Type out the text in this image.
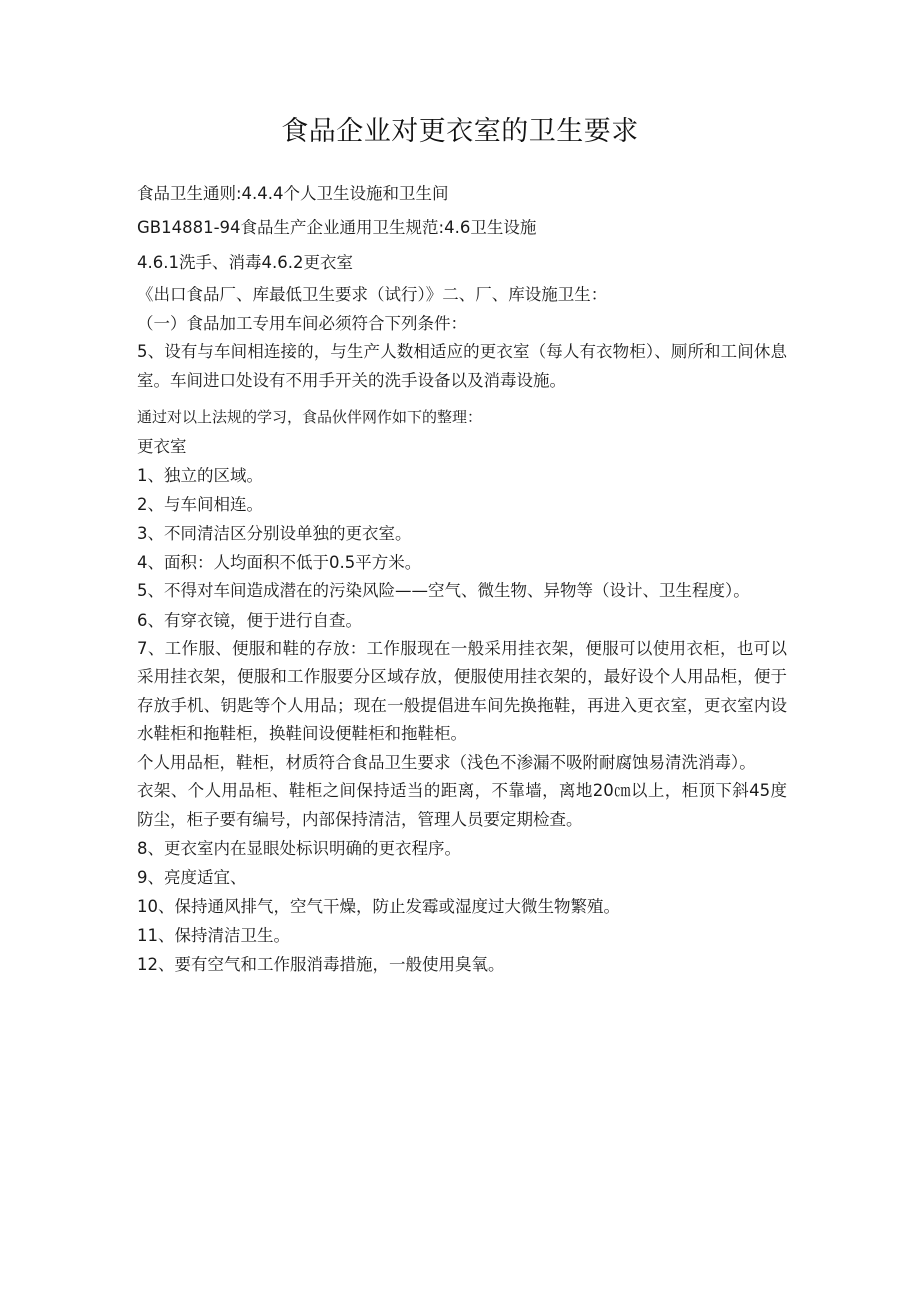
食品企业对更衣室的卫生要求
食品卫生通则:4.4.4个人卫生设施和卫生间
GB14881-94食品生产企业通用卫生规范:4.6卫生设施
4.6.1洗手、消毒4.6.2更衣室
《出口食品厂、库最低卫生要求（试行）》二、厂、库设施卫生：
（一）食品加工专用车间必须符合下列条件：
5、设有与车间相连接的，与生产人数相适应的更衣室（每人有衣物柜）、厕所和工间休息室。车间进口处设有不用手开关的洗手设备以及消毒设施。
通过对以上法规的学习，食品伙伴网作如下的整理：
更衣室
1、独立的区域。
2、与车间相连。
3、不同清洁区分别设单独的更衣室。
4、面积：人均面积不低于0.5平方米。
5、不得对车间造成潜在的污染风险——空气、微生物、异物等（设计、卫生程度）。
6、有穿衣镜，便于进行自查。
7、工作服、便服和鞋的存放：工作服现在一般采用挂衣架，便服可以使用衣柜，也可以采用挂衣架，便服和工作服要分区域存放，便服使用挂衣架的，最好设个人用品柜，便于存放手机、钥匙等个人用品；现在一般提倡进车间先换拖鞋，再进入更衣室，更衣室内设水鞋柜和拖鞋柜，换鞋间设便鞋柜和拖鞋柜。
个人用品柜，鞋柜，材质符合食品卫生要求（浅色不渗漏不吸附耐腐蚀易清洗消毒）。
衣架、个人用品柜、鞋柜之间保持适当的距离，不靠墙，离地20㎝以上，柜顶下斜45度防尘，柜子要有编号，内部保持清洁，管理人员要定期检查。
8、更衣室内在显眼处标识明确的更衣程序。
9、亮度适宜、
10、保持通风排气，空气干燥，防止发霉或湿度过大微生物繁殖。
11、保持清洁卫生。
12、要有空气和工作服消毒措施，一般使用臭氧。
